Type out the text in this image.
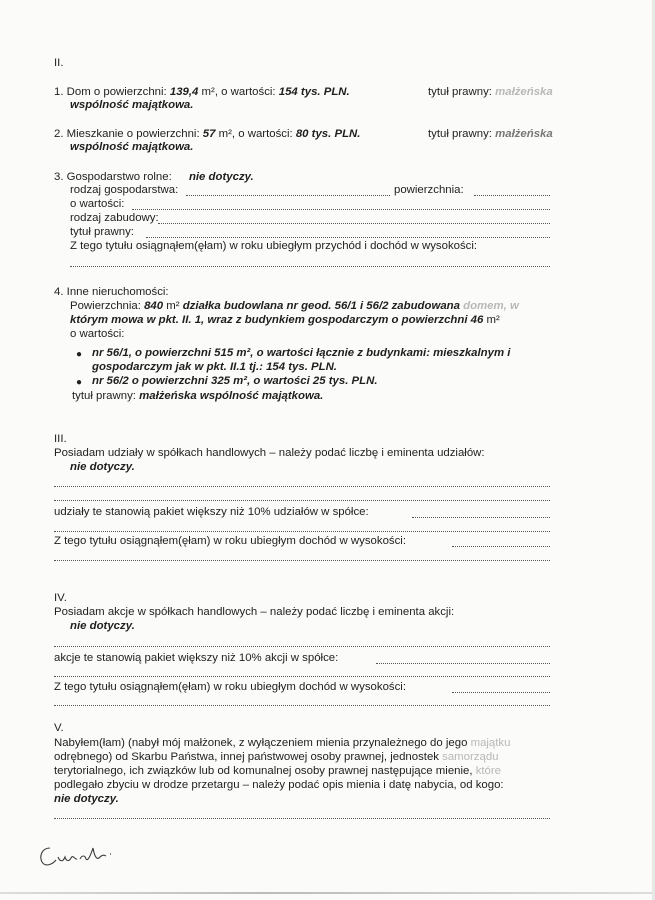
II.
1. Dom o powierzchni: 139,4 m², o wartości: 154 tys. PLN.	tytuł prawny: małżeńska
wspólność majątkowa.
2. Mieszkanie o powierzchni: 57 m², o wartości: 80 tys. PLN.	tytuł prawny: małżeńska
wspólność majątkowa.
3. Gospodarstwo rolne: nie dotyczy.
rodzaj gospodarstwa:	powierzchnia:
o wartości:
rodzaj zabudowy:
tytuł prawny:
Z tego tytułu osiągnąłem(ęłam) w roku ubiegłym przychód i dochód w wysokości:
4. Inne nieruchomości:
Powierzchnia: 840 m² działka budowlana nr geod. 56/1 i 56/2 zabudowana domem, w
którym mowa w pkt. II. 1, wraz z budynkiem gospodarczym o powierzchni 46 m²
o wartości:
● nr 56/1, o powierzchni 515 m², o wartości łącznie z budynkami: mieszkalnym i
gospodarczym jak w pkt. II.1 tj.: 154 tys. PLN.
● nr 56/2 o powierzchni 325 m², o wartości 25 tys. PLN.
tytuł prawny: małżeńska wspólność majątkowa.
III.
Posiadam udziały w spółkach handlowych – należy podać liczbę i eminenta udziałów:
nie dotyczy.
udziały te stanowią pakiet większy niż 10% udziałów w spółce:
Z tego tytułu osiągnąłem(ęłam) w roku ubiegłym dochód w wysokości:
IV.
Posiadam akcje w spółkach handlowych – należy podać liczbę i eminenta akcji:
nie dotyczy.
akcje te stanowią pakiet większy niż 10% akcji w spółce:
Z tego tytułu osiągnąłem(ęłam) w roku ubiegłym dochód w wysokości:
V.
Nabyłem(łam) (nabył mój małżonek, z wyłączeniem mienia przynależnego do jego majątku
odrębnego) od Skarbu Państwa, innej państwowej osoby prawnej, jednostek samorządu
terytorialnego, ich związków lub od komunalnej osoby prawnej następujące mienie, które
podlegało zbyciu w drodze przetargu – należy podać opis mienia i datę nabycia, od kogo:
nie dotyczy.
